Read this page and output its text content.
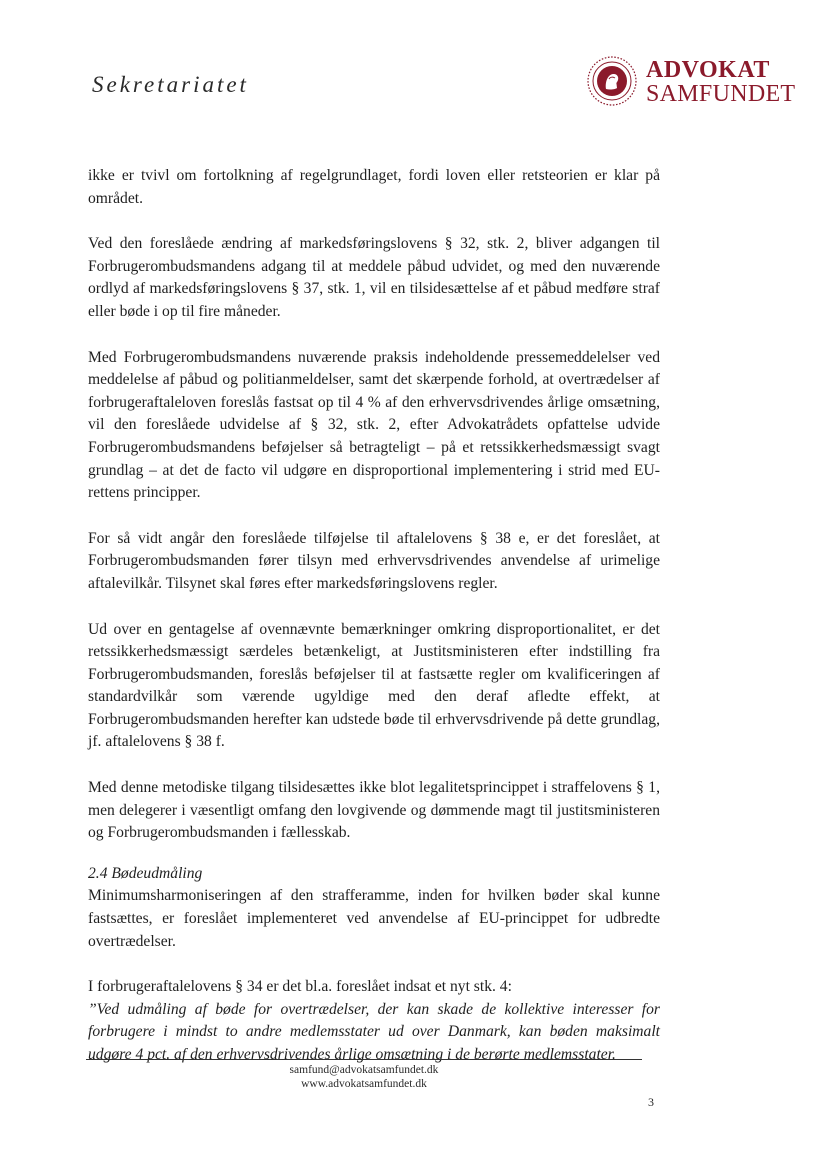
Sekretariatet
ADVOKAT
SAMFUNDET

ikke er tvivl om fortolkning af regelgrundlaget, fordi loven eller retsteorien er klar på området.

Ved den foreslåede ændring af markedsføringslovens § 32, stk. 2, bliver adgangen til Forbrugerombudsmandens adgang til at meddele påbud udvidet, og med den nuværende ordlyd af markedsføringslovens § 37, stk. 1, vil en tilsidesættelse af et påbud medføre straf eller bøde i op til fire måneder.

Med Forbrugerombudsmandens nuværende praksis indeholdende pressemeddelelser ved meddelelse af påbud og politianmeldelser, samt det skærpende forhold, at overtrædelser af forbrugeraftaleloven foreslås fastsat op til 4 % af den erhvervsdrivendes årlige omsætning, vil den foreslåede udvidelse af § 32, stk. 2, efter Advokatrådets opfattelse udvide Forbrugerombudsmandens beføjelser så betragteligt – på et retssikkerhedsmæssigt svagt grundlag – at det de facto vil udgøre en disproportional implementering i strid med EU-rettens principper.

For så vidt angår den foreslåede tilføjelse til aftalelovens § 38 e, er det foreslået, at Forbrugerombudsmanden fører tilsyn med erhvervsdrivendes anvendelse af urimelige aftalevilkår. Tilsynet skal føres efter markedsføringslovens regler.

Ud over en gentagelse af ovennævnte bemærkninger omkring disproportionalitet, er det retssikkerhedsmæssigt særdeles betænkeligt, at Justitsministeren efter indstilling fra Forbrugerombudsmanden, foreslås beføjelser til at fastsætte regler om kvalificeringen af standardvilkår som værende ugyldige med den deraf afledte effekt, at Forbrugerombudsmanden herefter kan udstede bøde til erhvervsdrivende på dette grundlag, jf. aftalelovens § 38 f.

Med denne metodiske tilgang tilsidesættes ikke blot legalitetsprincippet i straffelovens § 1, men delegerer i væsentligt omfang den lovgivende og dømmende magt til justitsministeren og Forbrugerombudsmanden i fællesskab.

2.4 Bødeudmåling

Minimumsharmoniseringen af den strafferamme, inden for hvilken bøder skal kunne fastsættes, er foreslået implementeret ved anvendelse af EU-princippet for udbredte overtrædelser.

I forbrugeraftalelovens § 34 er det bl.a. foreslået indsat et nyt stk. 4:

”Ved udmåling af bøde for overtrædelser, der kan skade de kollektive interesser for forbrugere i mindst to andre medlemsstater ud over Danmark, kan bøden maksimalt udgøre 4 pct. af den erhvervsdrivendes årlige omsætning i de berørte medlemsstater.

samfund@advokatsamfundet.dk
www.advokatsamfundet.dk
3
